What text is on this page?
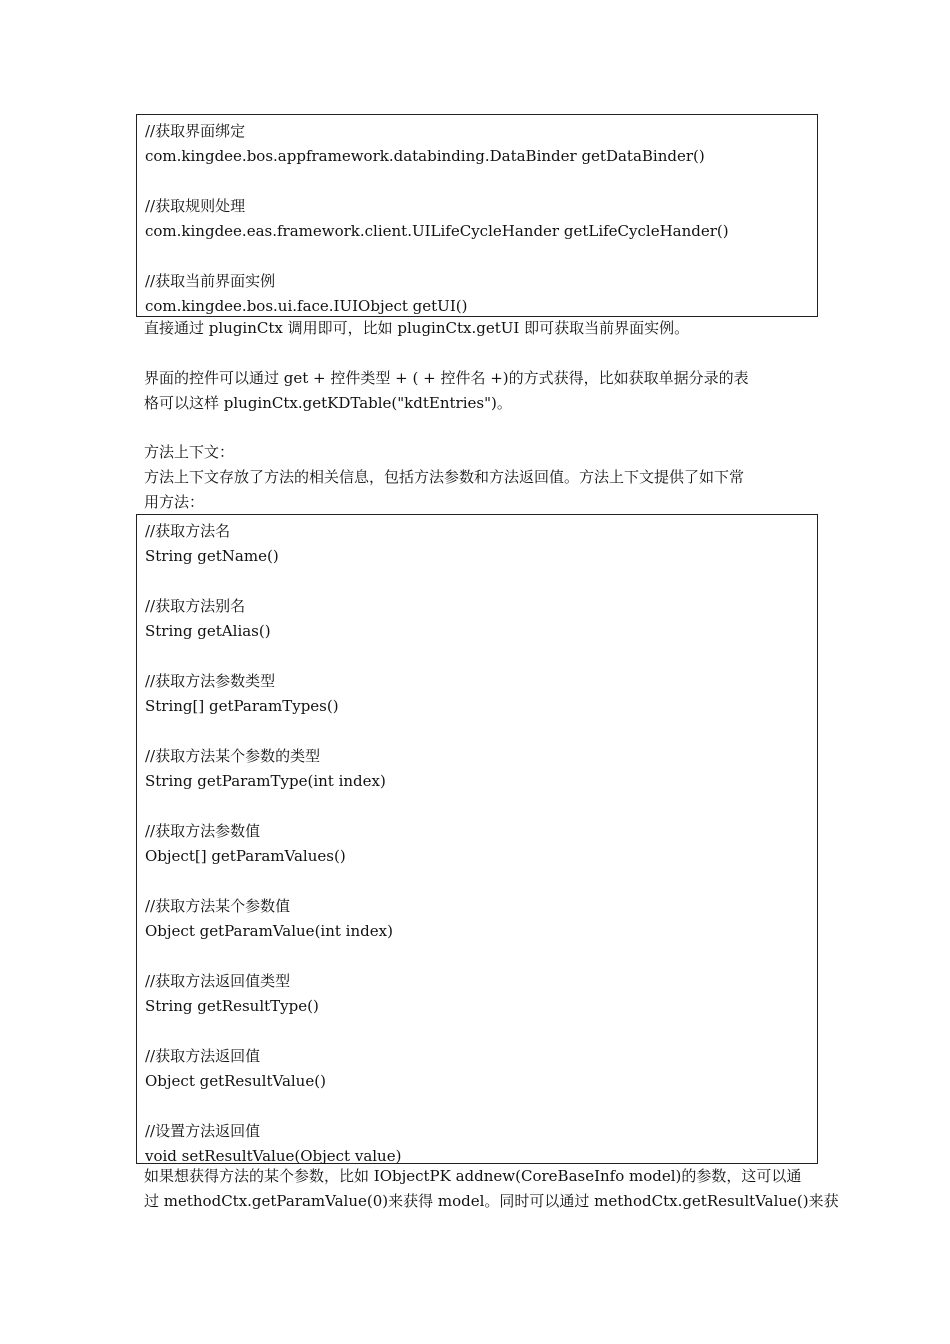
//获取界面绑定
com.kingdee.bos.appframework.databinding.DataBinder getDataBinder()
//获取规则处理
com.kingdee.eas.framework.client.UILifeCycleHander getLifeCycleHander()
//获取当前界面实例
com.kingdee.bos.ui.face.IUIObject getUI()
直接通过 pluginCtx 调用即可，比如 pluginCtx.getUI 即可获取当前界面实例。
界面的控件可以通过 get + 控件类型 + ( + 控件名 +)的方式获得，比如获取单据分录的表
格可以这样 pluginCtx.getKDTable("kdtEntries")。
方法上下文：
方法上下文存放了方法的相关信息，包括方法参数和方法返回值。方法上下文提供了如下常
用方法：
//获取方法名
String getName()
//获取方法别名
String getAlias()
//获取方法参数类型
String[] getParamTypes()
//获取方法某个参数的类型
String getParamType(int index)
//获取方法参数值
Object[] getParamValues()
//获取方法某个参数值
Object getParamValue(int index)
//获取方法返回值类型
String getResultType()
//获取方法返回值
Object getResultValue()
//设置方法返回值
void setResultValue(Object value)
如果想获得方法的某个参数，比如 IObjectPK addnew(CoreBaseInfo model)的参数，这可以通
过 methodCtx.getParamValue(0)来获得 model。同时可以通过 methodCtx.getResultValue()来获
